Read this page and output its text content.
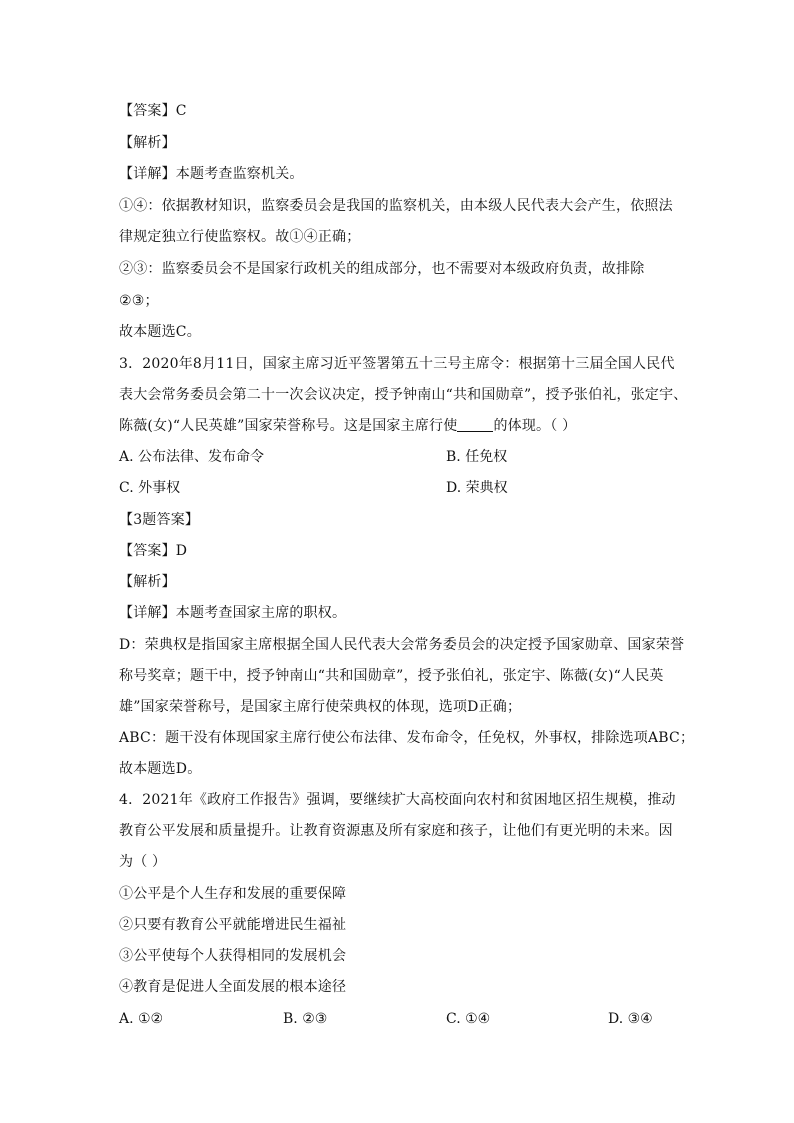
【答案】C
【解析】
【详解】本题考查监察机关。
①④：依据教材知识，监察委员会是我国的监察机关，由本级人民代表大会产生，依照法
律规定独立行使监察权。故①④正确；
②③：监察委员会不是国家行政机关的组成部分，也不需要对本级政府负责，故排除
②③；
故本题选C。
3．2020年8月11日，国家主席习近平签署第五十三号主席令：根据第十三届全国人民代
表大会常务委员会第二十一次会议决定，授予钟南山“共和国勋章”，授予张伯礼，张定宇、
陈薇(女)“人民英雄”国家荣誉称号。这是国家主席行使	的体现。（ ）
A. 公布法律、发布命令	B. 任免权
C. 外事权	D. 荣典权
【3题答案】
【答案】D
【解析】
【详解】本题考查国家主席的职权。
D：荣典权是指国家主席根据全国人民代表大会常务委员会的决定授予国家勋章、国家荣誉
称号奖章；题干中，授予钟南山“共和国勋章”，授予张伯礼，张定宇、陈薇(女)“人民英
雄”国家荣誉称号，是国家主席行使荣典权的体现，选项D正确；
ABC：题干没有体现国家主席行使公布法律、发布命令，任免权，外事权，排除选项ABC；
故本题选D。
4．2021年《政府工作报告》强调，要继续扩大高校面向农村和贫困地区招生规模，推动
教育公平发展和质量提升。让教育资源惠及所有家庭和孩子，让他们有更光明的未来。因
为（ ）
①公平是个人生存和发展的重要保障
②只要有教育公平就能增进民生福祉
③公平使每个人获得相同的发展机会
④教育是促进人全面发展的根本途径
A. ①②	B. ②③	C. ①④	D. ③④
